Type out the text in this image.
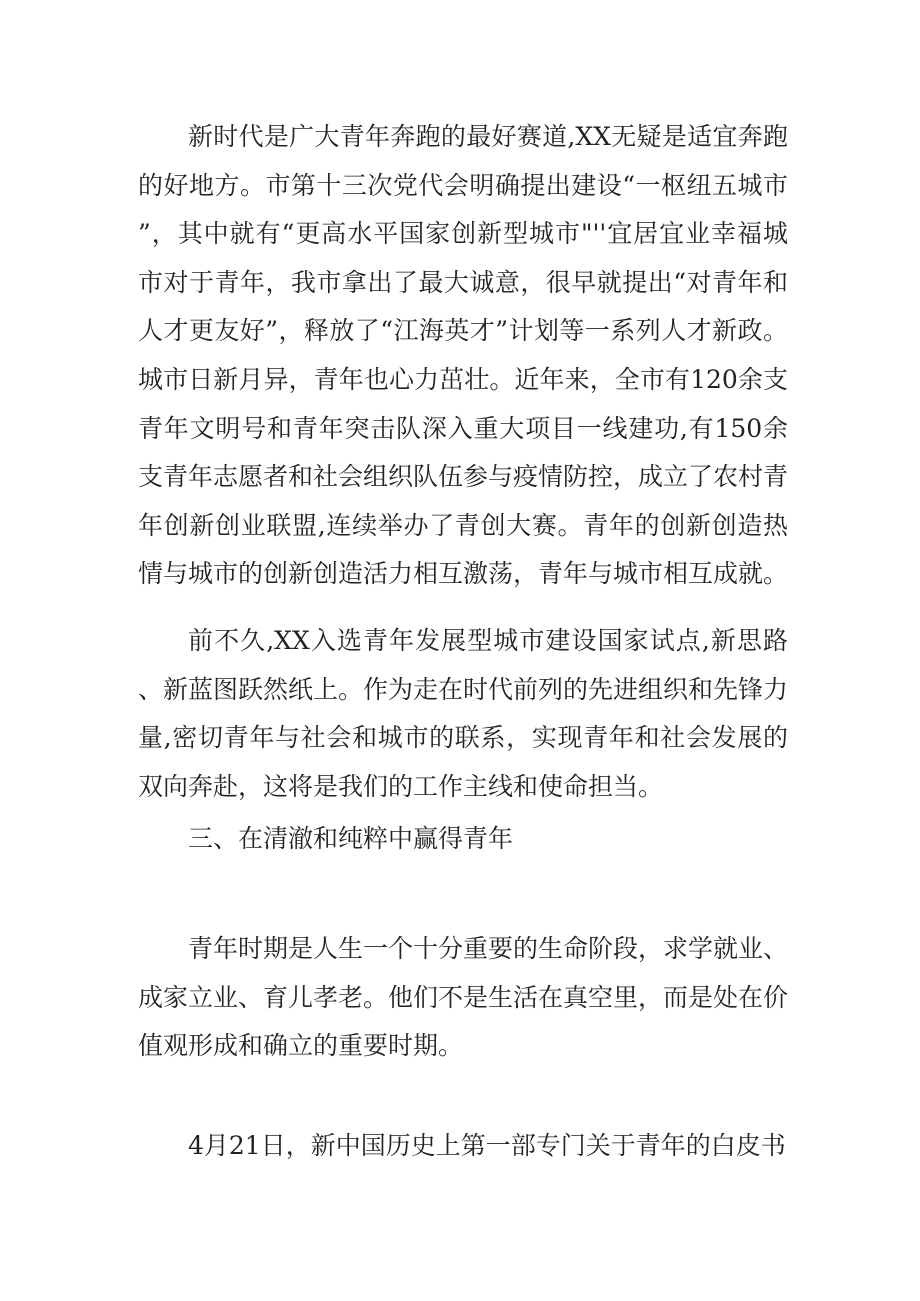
新时代是广大青年奔跑的最好赛道,XX无疑是适宜奔跑的好地方。市第十三次党代会明确提出建设“一枢纽五城市”，其中就有“更高水平国家创新型城市"''宜居宜业幸福城市对于青年，我市拿出了最大诚意，很早就提出“对青年和人才更友好”，释放了“江海英才”计划等一系列人才新政。城市日新月异，青年也心力茁壮。近年来，全市有120余支青年文明号和青年突击队深入重大项目一线建功,有150余支青年志愿者和社会组织队伍参与疫情防控，成立了农村青年创新创业联盟,连续举办了青创大赛。青年的创新创造热情与城市的创新创造活力相互激荡，青年与城市相互成就。

前不久,XX入选青年发展型城市建设国家试点,新思路、新蓝图跃然纸上。作为走在时代前列的先进组织和先锋力量,密切青年与社会和城市的联系，实现青年和社会发展的双向奔赴，这将是我们的工作主线和使命担当。

三、在清澈和纯粹中赢得青年

青年时期是人生一个十分重要的生命阶段，求学就业、成家立业、育儿孝老。他们不是生活在真空里，而是处在价值观形成和确立的重要时期。

4月21日，新中国历史上第一部专门关于青年的白皮书
